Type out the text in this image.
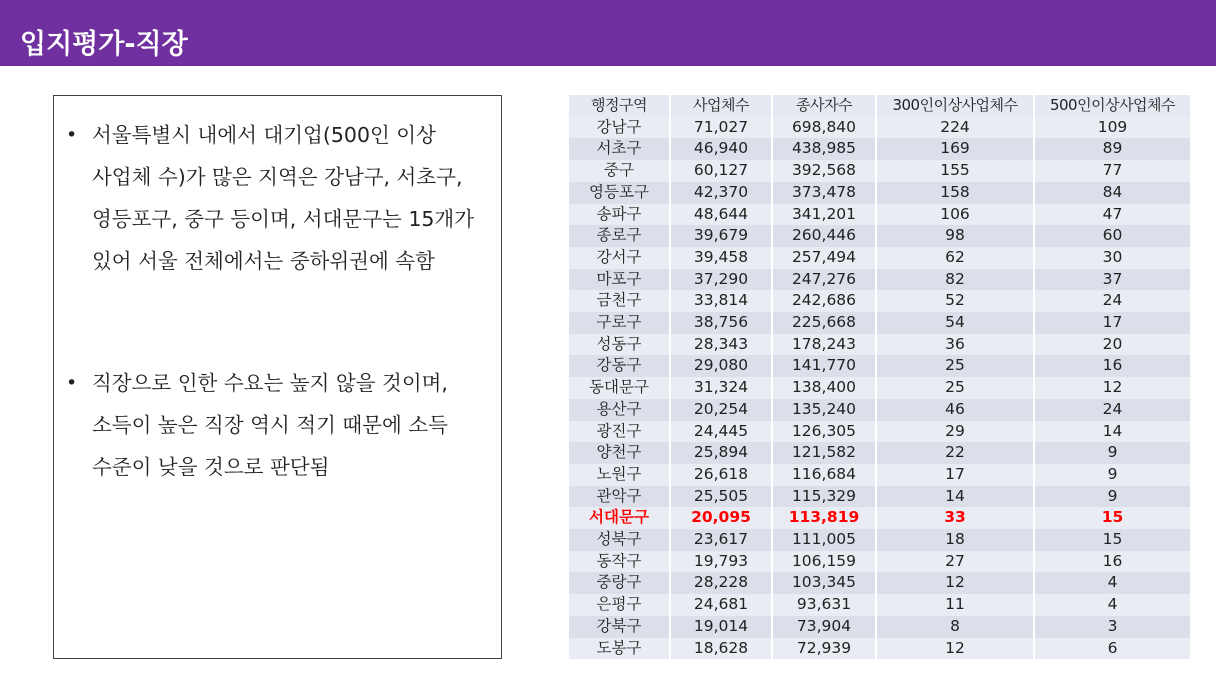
입지평가-직장
• 서울특별시 내에서 대기업(500인 이상 사업체 수)가 많은 지역은 강남구, 서초구, 영등포구, 중구 등이며, 서대문구는 15개가 있어 서울 전체에서는 중하위권에 속함
• 직장으로 인한 수요는 높지 않을 것이며, 소득이 높은 직장 역시 적기 때문에 소득 수준이 낮을 것으로 판단됨
행정구역	사업체수	종사자수	300인이상사업체수	500인이상사업체수
강남구	71,027	698,840	224	109
서초구	46,940	438,985	169	89
중구	60,127	392,568	155	77
영등포구	42,370	373,478	158	84
송파구	48,644	341,201	106	47
종로구	39,679	260,446	98	60
강서구	39,458	257,494	62	30
마포구	37,290	247,276	82	37
금천구	33,814	242,686	52	24
구로구	38,756	225,668	54	17
성동구	28,343	178,243	36	20
강동구	29,080	141,770	25	16
동대문구	31,324	138,400	25	12
용산구	20,254	135,240	46	24
광진구	24,445	126,305	29	14
양천구	25,894	121,582	22	9
노원구	26,618	116,684	17	9
관악구	25,505	115,329	14	9
서대문구	20,095	113,819	33	15
성북구	23,617	111,005	18	15
동작구	19,793	106,159	27	16
중랑구	28,228	103,345	12	4
은평구	24,681	93,631	11	4
강북구	19,014	73,904	8	3
도봉구	18,628	72,939	12	6
